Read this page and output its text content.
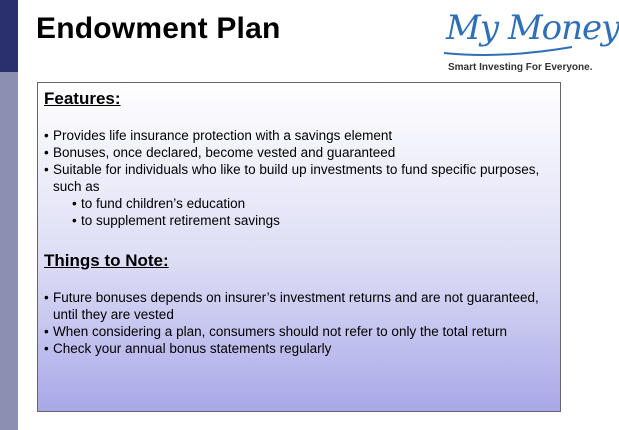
Endowment Plan	My Money
Smart Investing For Everyone.
Features:
• Provides life insurance protection with a savings element
• Bonuses, once declared, become vested and guaranteed
• Suitable for individuals who like to build up investments to fund specific purposes, such as
• to fund children’s education
• to supplement retirement savings
Things to Note:
• Future bonuses depends on insurer’s investment returns and are not guaranteed, until they are vested
• When considering a plan, consumers should not refer to only the total return
• Check your annual bonus statements regularly
